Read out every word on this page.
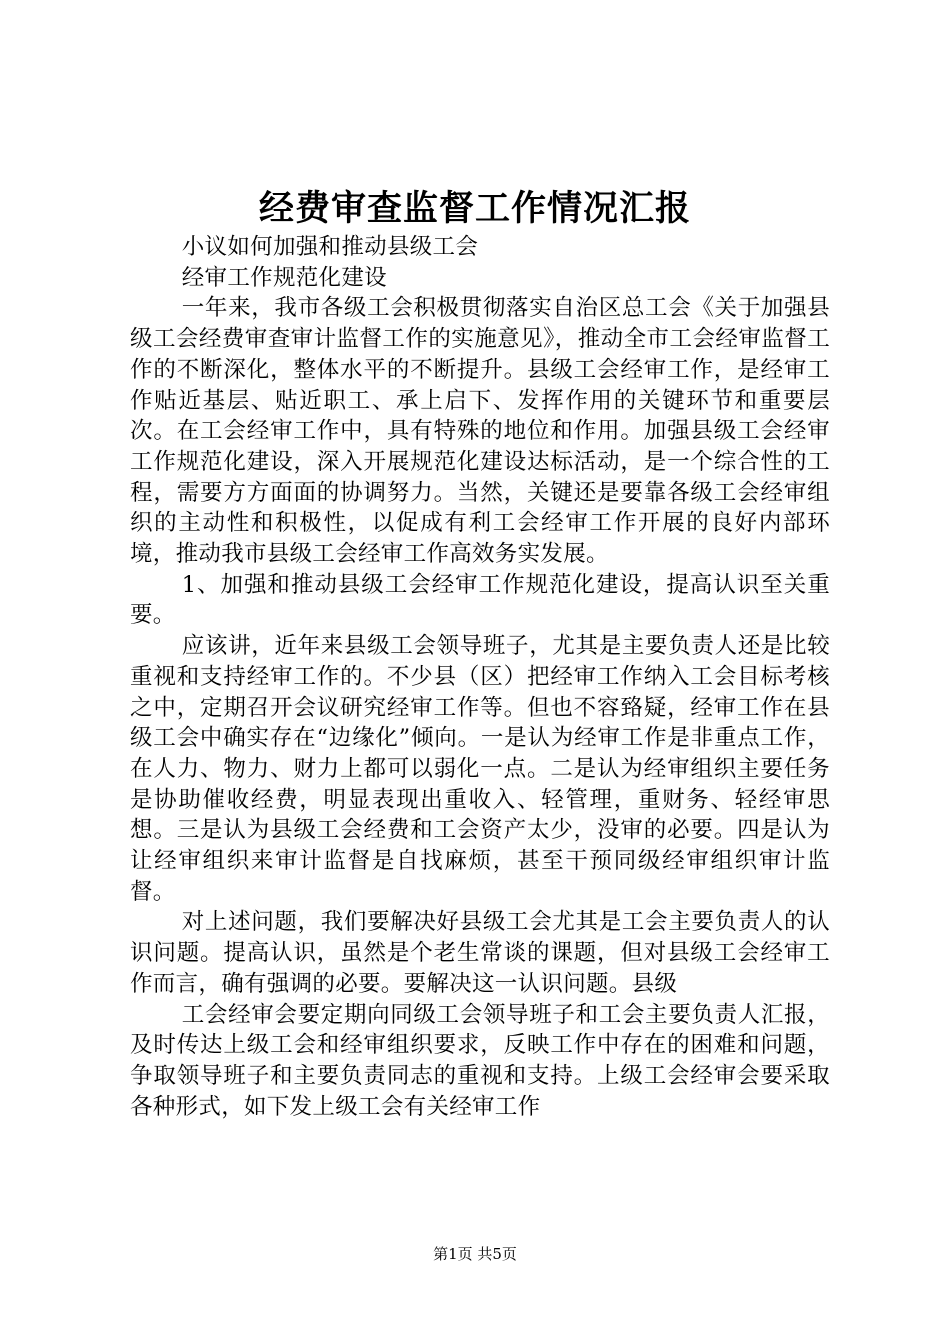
经费审查监督工作情况汇报

小议如何加强和推动县级工会

经审工作规范化建设

一年来，我市各级工会积极贯彻落实自治区总工会《关于加强县级工会经费审查审计监督工作的实施意见》，推动全市工会经审监督工作的不断深化，整体水平的不断提升。县级工会经审工作，是经审工作贴近基层、贴近职工、承上启下、发挥作用的关键环节和重要层次。在工会经审工作中，具有特殊的地位和作用。加强县级工会经审工作规范化建设，深入开展规范化建设达标活动，是一个综合性的工程，需要方方面面的协调努力。当然，关键还是要靠各级工会经审组织的主动性和积极性，以促成有利工会经审工作开展的良好内部环境，推动我市县级工会经审工作高效务实发展。

1、加强和推动县级工会经审工作规范化建设，提高认识至关重要。

应该讲，近年来县级工会领导班子，尤其是主要负责人还是比较重视和支持经审工作的。不少县（区）把经审工作纳入工会目标考核之中，定期召开会议研究经审工作等。但也不容臵疑，经审工作在县级工会中确实存在“边缘化”倾向。一是认为经审工作是非重点工作，在人力、物力、财力上都可以弱化一点。二是认为经审组织主要任务是协助催收经费，明显表现出重收入、轻管理，重财务、轻经审思想。三是认为县级工会经费和工会资产太少，没审的必要。四是认为让经审组织来审计监督是自找麻烦，甚至干预同级经审组织审计监督。

对上述问题，我们要解决好县级工会尤其是工会主要负责人的认识问题。提高认识，虽然是个老生常谈的课题，但对县级工会经审工作而言，确有强调的必要。要解决这一认识问题。县级

工会经审会要定期向同级工会领导班子和工会主要负责人汇报，及时传达上级工会和经审组织要求，反映工作中存在的困难和问题，争取领导班子和主要负责同志的重视和支持。上级工会经审会要采取各种形式，如下发上级工会有关经审工作

第1页 共5页
